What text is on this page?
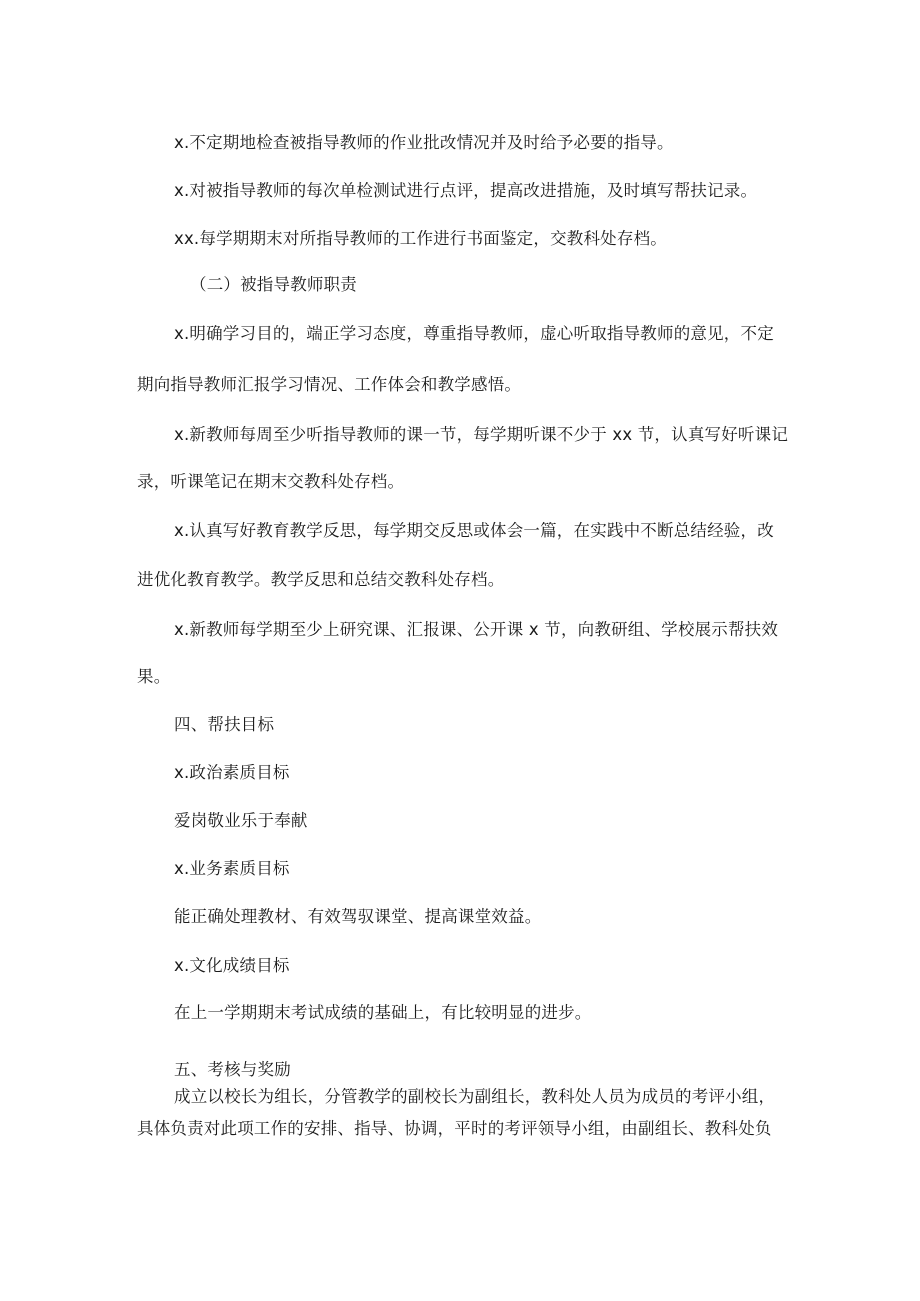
x.不定期地检查被指导教师的作业批改情况并及时给予必要的指导。
x.对被指导教师的每次单检测试进行点评，提高改进措施，及时填写帮扶记录。
xx.每学期期末对所指导教师的工作进行书面鉴定，交教科处存档。
（二）被指导教师职责
x.明确学习目的，端正学习态度，尊重指导教师，虚心听取指导教师的意见，不定
期向指导教师汇报学习情况、工作体会和教学感悟。
x.新教师每周至少听指导教师的课一节，每学期听课不少于 xx 节，认真写好听课记
录，听课笔记在期末交教科处存档。
x.认真写好教育教学反思，每学期交反思或体会一篇，在实践中不断总结经验，改
进优化教育教学。教学反思和总结交教科处存档。
x.新教师每学期至少上研究课、汇报课、公开课 x 节，向教研组、学校展示帮扶效
果。
四、帮扶目标
x.政治素质目标
爱岗敬业乐于奉献
x.业务素质目标
能正确处理教材、有效驾驭课堂、提高课堂效益。
x.文化成绩目标
在上一学期期末考试成绩的基础上，有比较明显的进步。
五、考核与奖励
成立以校长为组长，分管教学的副校长为副组长，教科处人员为成员的考评小组，
具体负责对此项工作的安排、指导、协调，平时的考评领导小组，由副组长、教科处负
